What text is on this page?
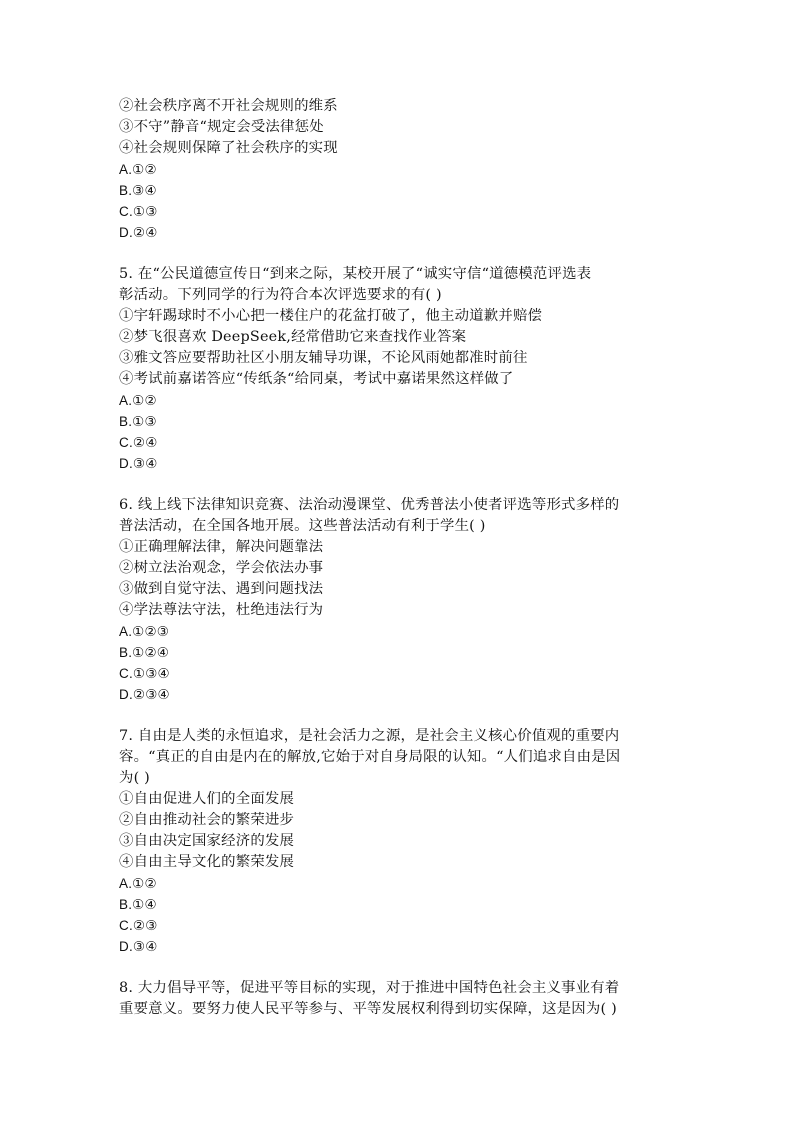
②社会秩序离不开社会规则的维系
③不守”静音“规定会受法律惩处
④社会规则保障了社会秩序的实现
A.①②
B.③④
C.①③
D.②④
5. 在“公民道德宣传日“到来之际，某校开展了“诚实守信“道德模范评选表
彰活动。下列同学的行为符合本次评选要求的有( )
①宇轩踢球时不小心把一楼住户的花盆打破了，他主动道歉并赔偿
②梦飞很喜欢 DeepSeek,经常借助它来查找作业答案
③雅文答应要帮助社区小朋友辅导功课，不论风雨她都准时前往
④考试前嘉诺答应“传纸条“给同桌，考试中嘉诺果然这样做了
A.①②
B.①③
C.②④
D.③④
6. 线上线下法律知识竞赛、法治动漫课堂、优秀普法小使者评选等形式多样的
普法活动，在全国各地开展。这些普法活动有利于学生( )
①正确理解法律，解决问题靠法
②树立法治观念，学会依法办事
③做到自觉守法、遇到问题找法
④学法尊法守法，杜绝违法行为
A.①②③
B.①②④
C.①③④
D.②③④
7. 自由是人类的永恒追求，是社会活力之源，是社会主义核心价值观的重要内
容。“真正的自由是内在的解放,它始于对自身局限的认知。“人们追求自由是因
为( )
①自由促进人们的全面发展
②自由推动社会的繁荣进步
③自由决定国家经济的发展
④自由主导文化的繁荣发展
A.①②
B.①④
C.②③
D.③④
8. 大力倡导平等，促进平等目标的实现，对于推进中国特色社会主义事业有着
重要意义。要努力使人民平等参与、平等发展权利得到切实保障，这是因为( )
